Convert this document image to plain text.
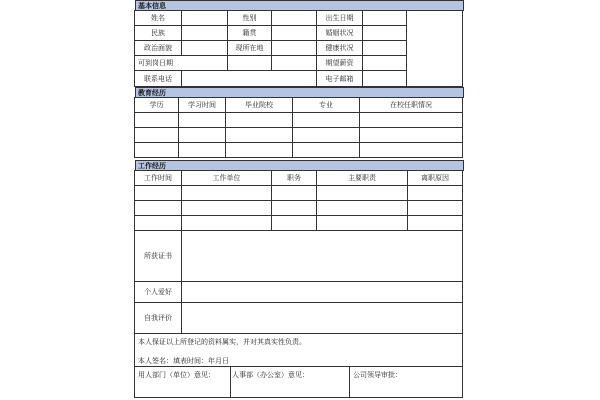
基本信息
姓名	性别	出生日期
民族	籍贯	婚姻状况
政治面貌	现所在地	健康状况
可到岗日期	期望薪资
联系电话	电子邮箱
教育经历
学历	学习时间	毕业院校	专业	在校任职情况
工作经历
工作时间	工作单位	职务	主要职责	离职原因
所获证书
个人爱好
自我评价
本人保证以上所登记的资料属实，并对其真实性负责。
本人签名：填表时间：年月日
用人部门（单位）意见： 人事部（办公室）意见：	公司领导审批：
